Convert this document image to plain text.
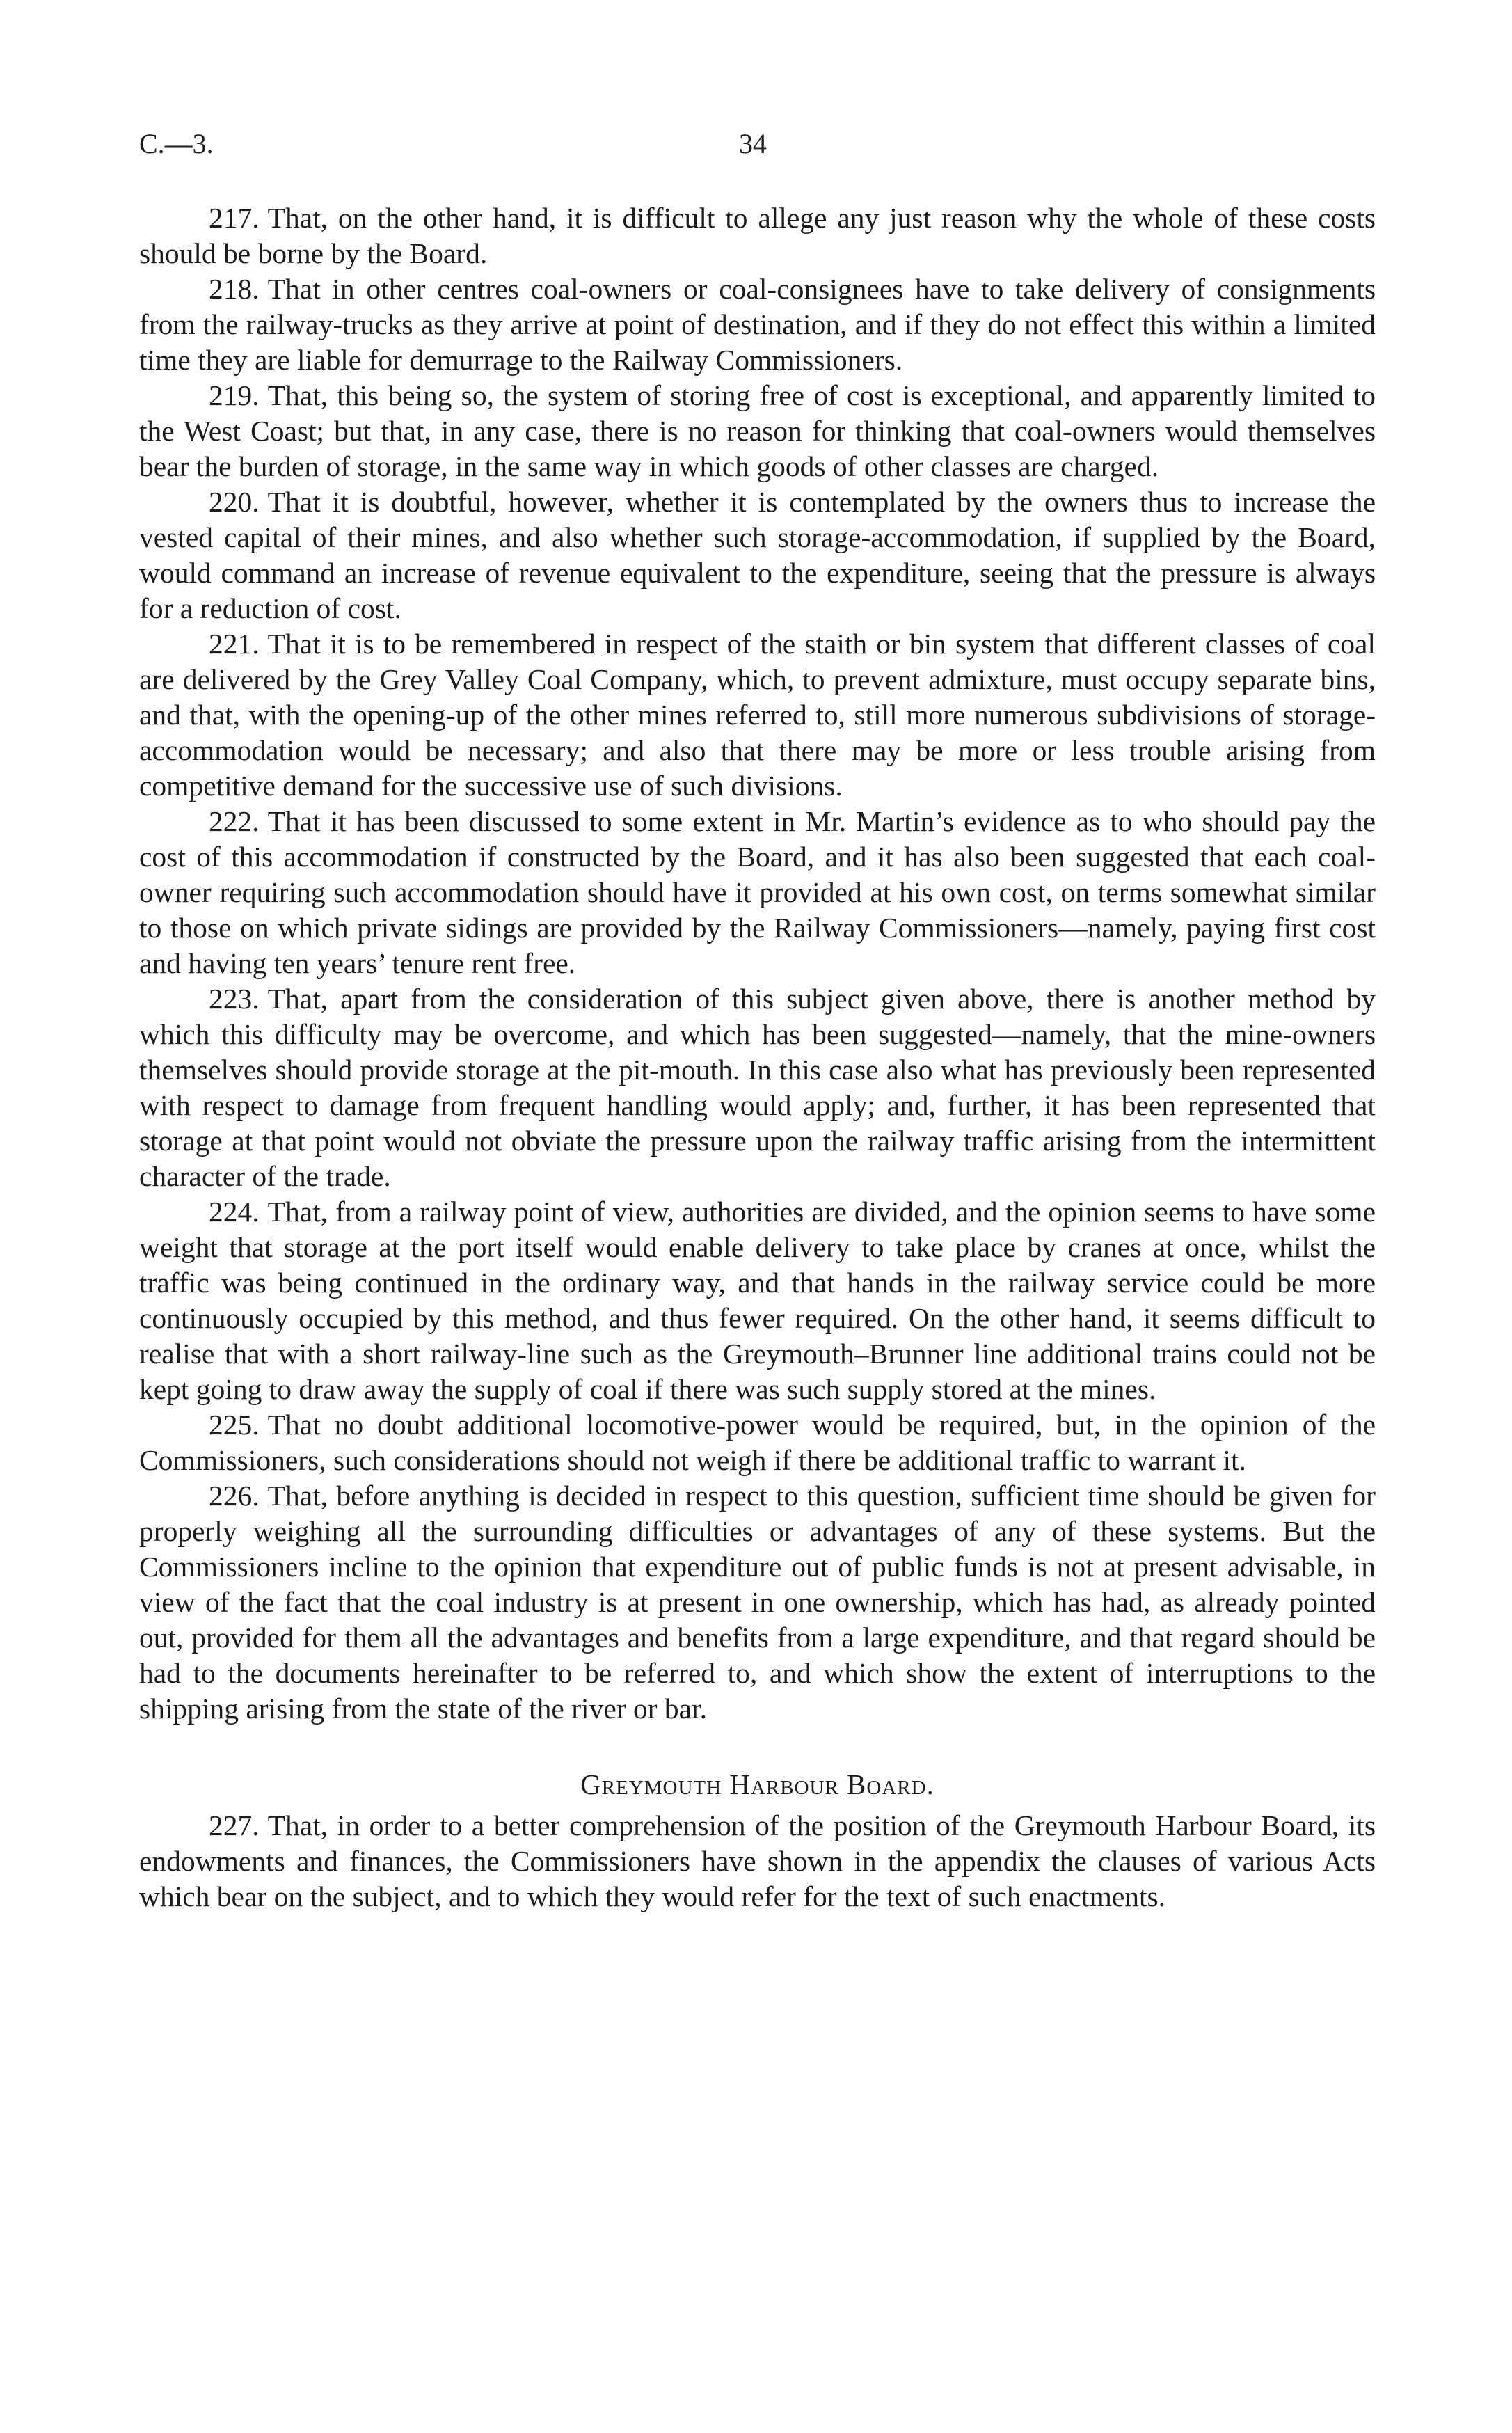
C.—3.	34

217. That, on the other hand, it is difficult to allege any just reason why the whole of these costs should be borne by the Board.

218. That in other centres coal-owners or coal-consignees have to take delivery of consignments from the railway-trucks as they arrive at point of destination, and if they do not effect this within a limited time they are liable for demurrage to the Railway Commissioners.

219. That, this being so, the system of storing free of cost is exceptional, and apparently limited to the West Coast; but that, in any case, there is no reason for thinking that coal-owners would themselves bear the burden of storage, in the same way in which goods of other classes are charged.

220. That it is doubtful, however, whether it is contemplated by the owners thus to increase the vested capital of their mines, and also whether such storage-accommodation, if supplied by the Board, would command an increase of revenue equivalent to the expenditure, seeing that the pressure is always for a reduction of cost.

221. That it is to be remembered in respect of the staith or bin system that different classes of coal are delivered by the Grey Valley Coal Company, which, to prevent admixture, must occupy separate bins, and that, with the opening-up of the other mines referred to, still more numerous subdivisions of storage-accommodation would be necessary; and also that there may be more or less trouble arising from competitive demand for the successive use of such divisions.

222. That it has been discussed to some extent in Mr. Martin’s evidence as to who should pay the cost of this accommodation if constructed by the Board, and it has also been suggested that each coal-owner requiring such accommodation should have it provided at his own cost, on terms somewhat similar to those on which private sidings are provided by the Railway Commissioners—namely, paying first cost and having ten years’ tenure rent free.

223. That, apart from the consideration of this subject given above, there is another method by which this difficulty may be overcome, and which has been suggested—namely, that the mine-owners themselves should provide storage at the pit-mouth. In this case also what has previously been represented with respect to damage from frequent handling would apply; and, further, it has been represented that storage at that point would not obviate the pressure upon the railway traffic arising from the intermittent character of the trade.

224. That, from a railway point of view, authorities are divided, and the opinion seems to have some weight that storage at the port itself would enable delivery to take place by cranes at once, whilst the traffic was being continued in the ordinary way, and that hands in the railway service could be more continuously occupied by this method, and thus fewer required. On the other hand, it seems difficult to realise that with a short railway-line such as the Greymouth–Brunner line additional trains could not be kept going to draw away the supply of coal if there was such supply stored at the mines.

225. That no doubt additional locomotive-power would be required, but, in the opinion of the Commissioners, such considerations should not weigh if there be additional traffic to warrant it.

226. That, before anything is decided in respect to this question, sufficient time should be given for properly weighing all the surrounding difficulties or advantages of any of these systems. But the Commissioners incline to the opinion that expenditure out of public funds is not at present advisable, in view of the fact that the coal industry is at present in one ownership, which has had, as already pointed out, provided for them all the advantages and benefits from a large expenditure, and that regard should be had to the documents hereinafter to be referred to, and which show the extent of interruptions to the shipping arising from the state of the river or bar.

Greymouth Harbour Board.

227. That, in order to a better comprehension of the position of the Greymouth Harbour Board, its endowments and finances, the Commissioners have shown in the appendix the clauses of various Acts which bear on the subject, and to which they would refer for the text of such enactments.
